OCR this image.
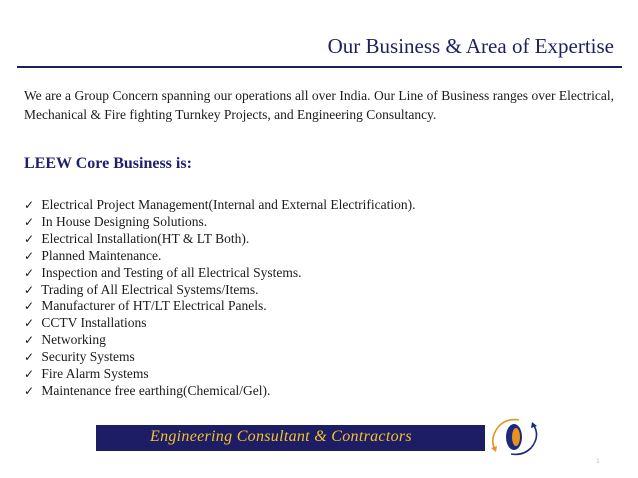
Our Business & Area of Expertise
We are a Group Concern spanning our operations all over India. Our Line of Business ranges over Electrical, Mechanical & Fire fighting Turnkey Projects, and Engineering Consultancy.
LEEW Core Business is:
✓ Electrical Project Management(Internal and External Electrification).
✓ In House Designing Solutions.
✓ Electrical Installation(HT & LT Both).
✓ Planned Maintenance.
✓ Inspection and Testing of all Electrical Systems.
✓ Trading of All Electrical Systems/Items.
✓ Manufacturer of HT/LT Electrical Panels.
✓ CCTV Installations
✓ Networking
✓ Security Systems
✓ Fire Alarm Systems
✓ Maintenance free earthing(Chemical/Gel).
Engineering Consultant & Contractors
1
